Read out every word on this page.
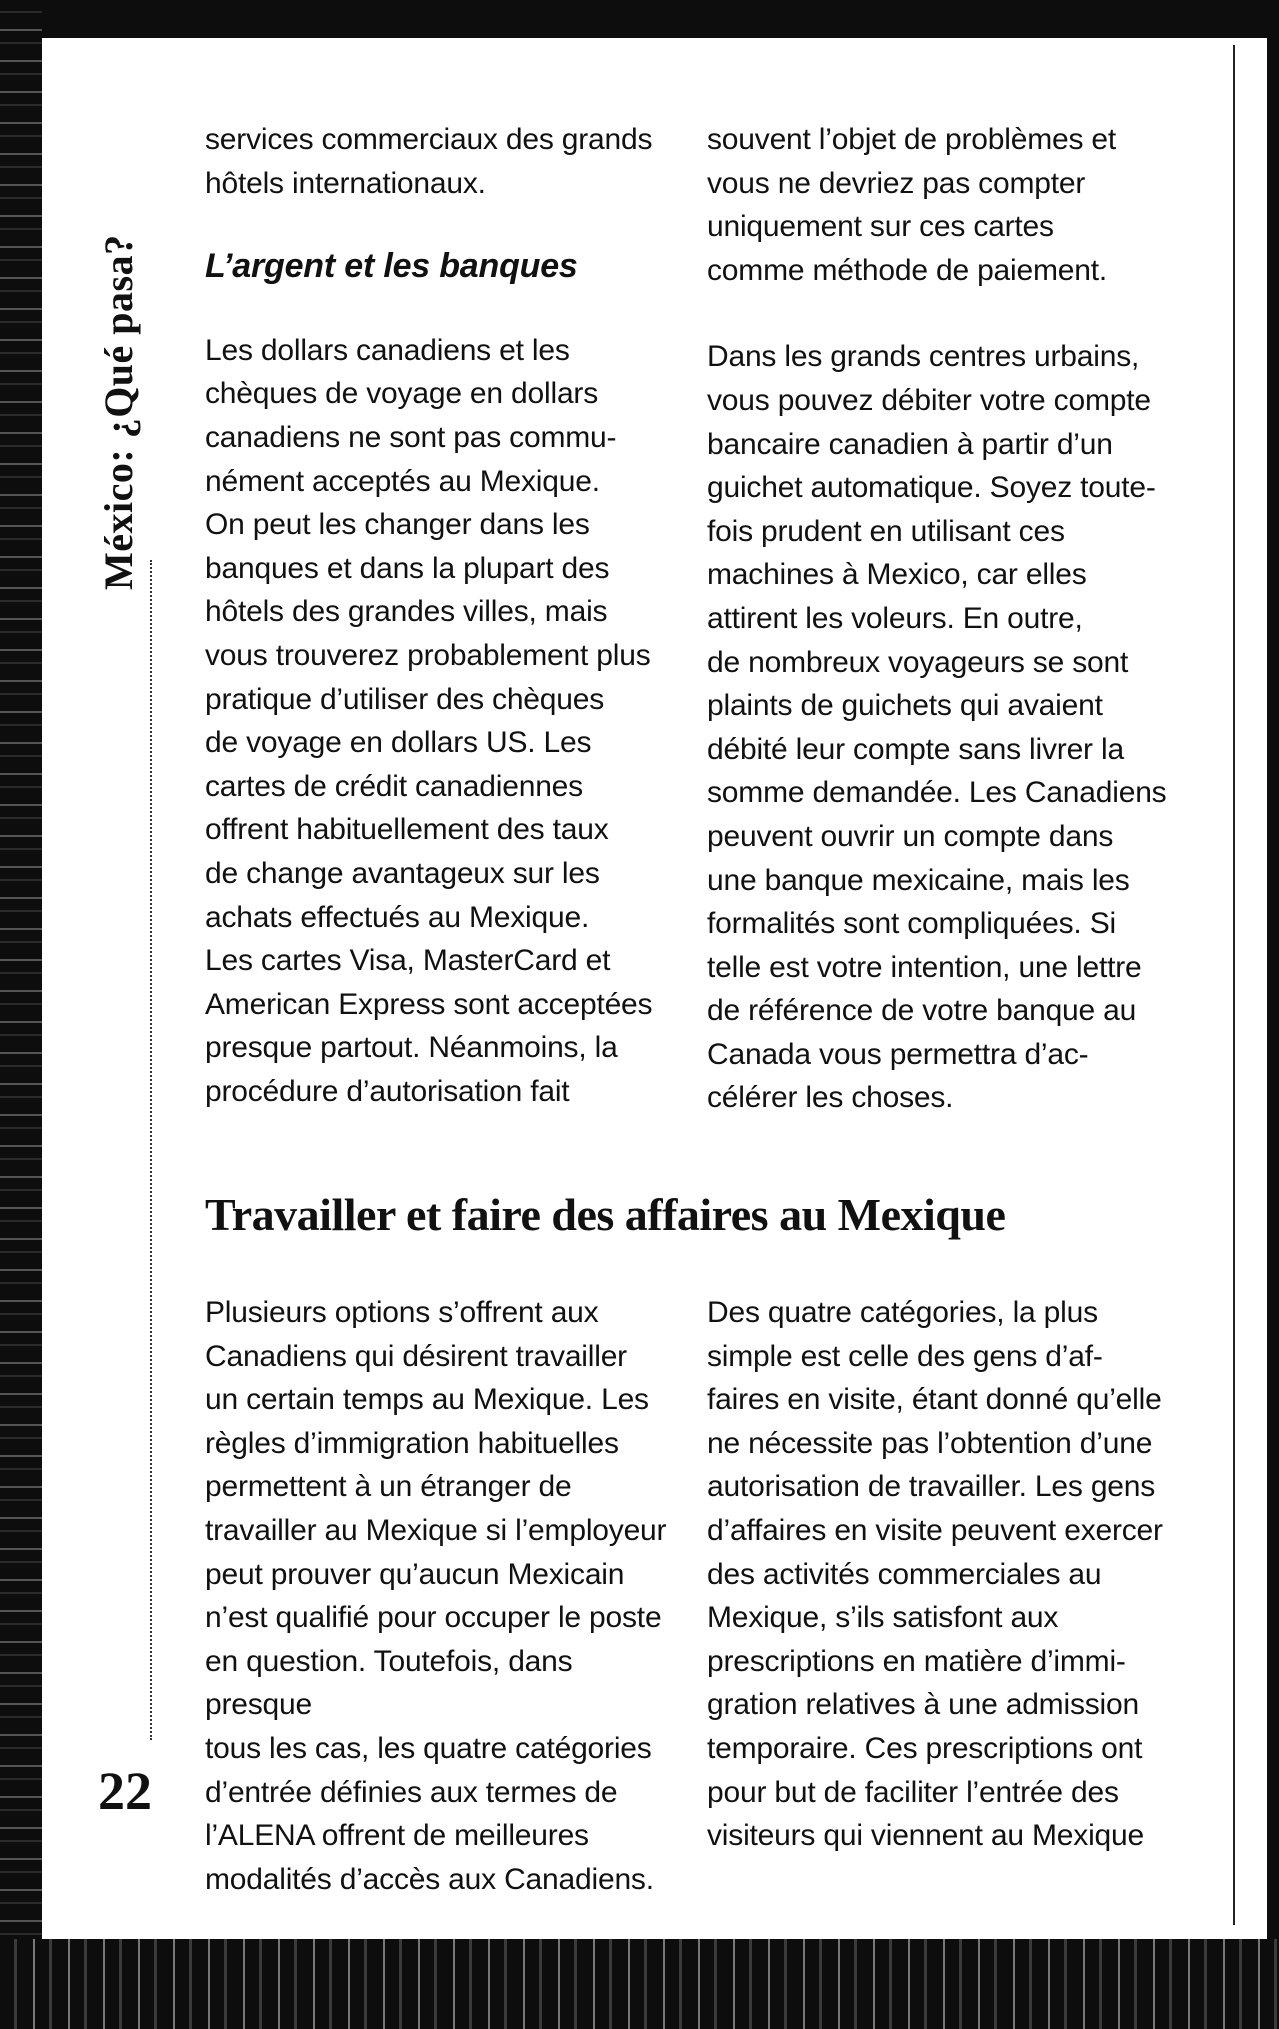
México: ¿Qué pasa?
22

services commerciaux des grands
hôtels internationaux.

L’argent et les banques

Les dollars canadiens et les
chèques de voyage en dollars
canadiens ne sont pas commu-
nément acceptés au Mexique.
On peut les changer dans les
banques et dans la plupart des
hôtels des grandes villes, mais
vous trouverez probablement plus
pratique d’utiliser des chèques
de voyage en dollars US. Les
cartes de crédit canadiennes
offrent habituellement des taux
de change avantageux sur les
achats effectués au Mexique.
Les cartes Visa, MasterCard et
American Express sont acceptées
presque partout. Néanmoins, la
procédure d’autorisation fait

souvent l’objet de problèmes et
vous ne devriez pas compter
uniquement sur ces cartes
comme méthode de paiement.

Dans les grands centres urbains,
vous pouvez débiter votre compte
bancaire canadien à partir d’un
guichet automatique. Soyez toute-
fois prudent en utilisant ces
machines à Mexico, car elles
attirent les voleurs. En outre,
de nombreux voyageurs se sont
plaints de guichets qui avaient
débité leur compte sans livrer la
somme demandée. Les Canadiens
peuvent ouvrir un compte dans
une banque mexicaine, mais les
formalités sont compliquées. Si
telle est votre intention, une lettre
de référence de votre banque au
Canada vous permettra d’ac-
célérer les choses.

Travailler et faire des affaires au Mexique

Plusieurs options s’offrent aux
Canadiens qui désirent travailler
un certain temps au Mexique. Les
règles d’immigration habituelles
permettent à un étranger de
travailler au Mexique si l’employeur
peut prouver qu’aucun Mexicain
n’est qualifié pour occuper le poste
en question. Toutefois, dans presque
tous les cas, les quatre catégories
d’entrée définies aux termes de
l’ALENA offrent de meilleures
modalités d’accès aux Canadiens.

Des quatre catégories, la plus
simple est celle des gens d’af-
faires en visite, étant donné qu’elle
ne nécessite pas l’obtention d’une
autorisation de travailler. Les gens
d’affaires en visite peuvent exercer
des activités commerciales au
Mexique, s’ils satisfont aux
prescriptions en matière d’immi-
gration relatives à une admission
temporaire. Ces prescriptions ont
pour but de faciliter l’entrée des
visiteurs qui viennent au Mexique
